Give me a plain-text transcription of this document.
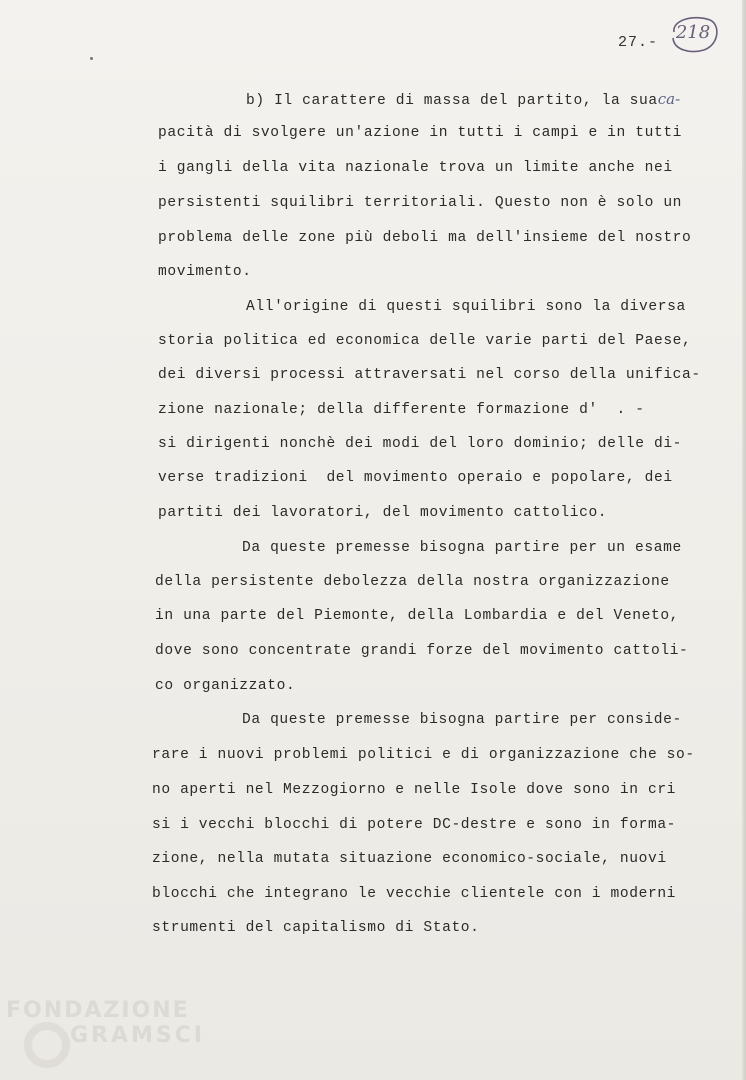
27.- 218
b) Il carattere di massa del partito, la suaca-
pacità di svolgere un'azione in tutti i campi e in tutti
i gangli della vita nazionale trova un limite anche nei
persistenti squilibri territoriali. Questo non è solo un
problema delle zone più deboli ma dell'insieme del nostro
movimento.
All'origine di questi squilibri sono la diversa
storia politica ed economica delle varie parti del Paese,
dei diversi processi attraversati nel corso della unifica-
zione nazionale; della differente formazione d'  . -
si dirigenti nonchè dei modi del loro dominio; delle di-
verse tradizioni  del movimento operaio e popolare, dei
partiti dei lavoratori, del movimento cattolico.
Da queste premesse bisogna partire per un esame
della persistente debolezza della nostra organizzazione
in una parte del Piemonte, della Lombardia e del Veneto,
dove sono concentrate grandi forze del movimento cattoli-
co organizzato.
Da queste premesse bisogna partire per conside-
rare i nuovi problemi politici e di organizzazione che so-
no aperti nel Mezzogiorno e nelle Isole dove sono in cri
si i vecchi blocchi di potere DC-destre e sono in forma-
zione, nella mutata situazione economico-sociale, nuovi
blocchi che integrano le vecchie clientele con i moderni
strumenti del capitalismo di Stato.
FONDAZIONE
GRAMSCI
